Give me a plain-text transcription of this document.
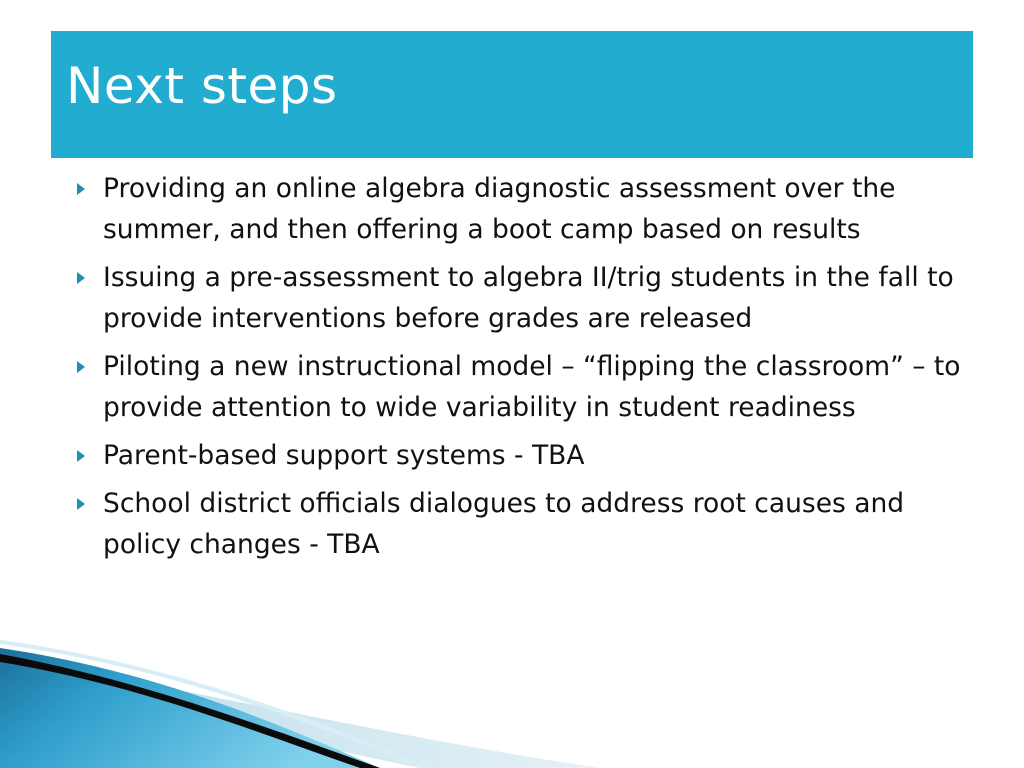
Next steps
Providing an online algebra diagnostic assessment over the summer, and then offering a boot camp based on results
Issuing a pre-assessment to algebra II/trig students in the fall to provide interventions before grades are released
Piloting a new instructional model – “flipping the classroom” – to provide attention to wide variability in student readiness
Parent-based support systems - TBA
School district officials dialogues to address root causes and policy changes - TBA
